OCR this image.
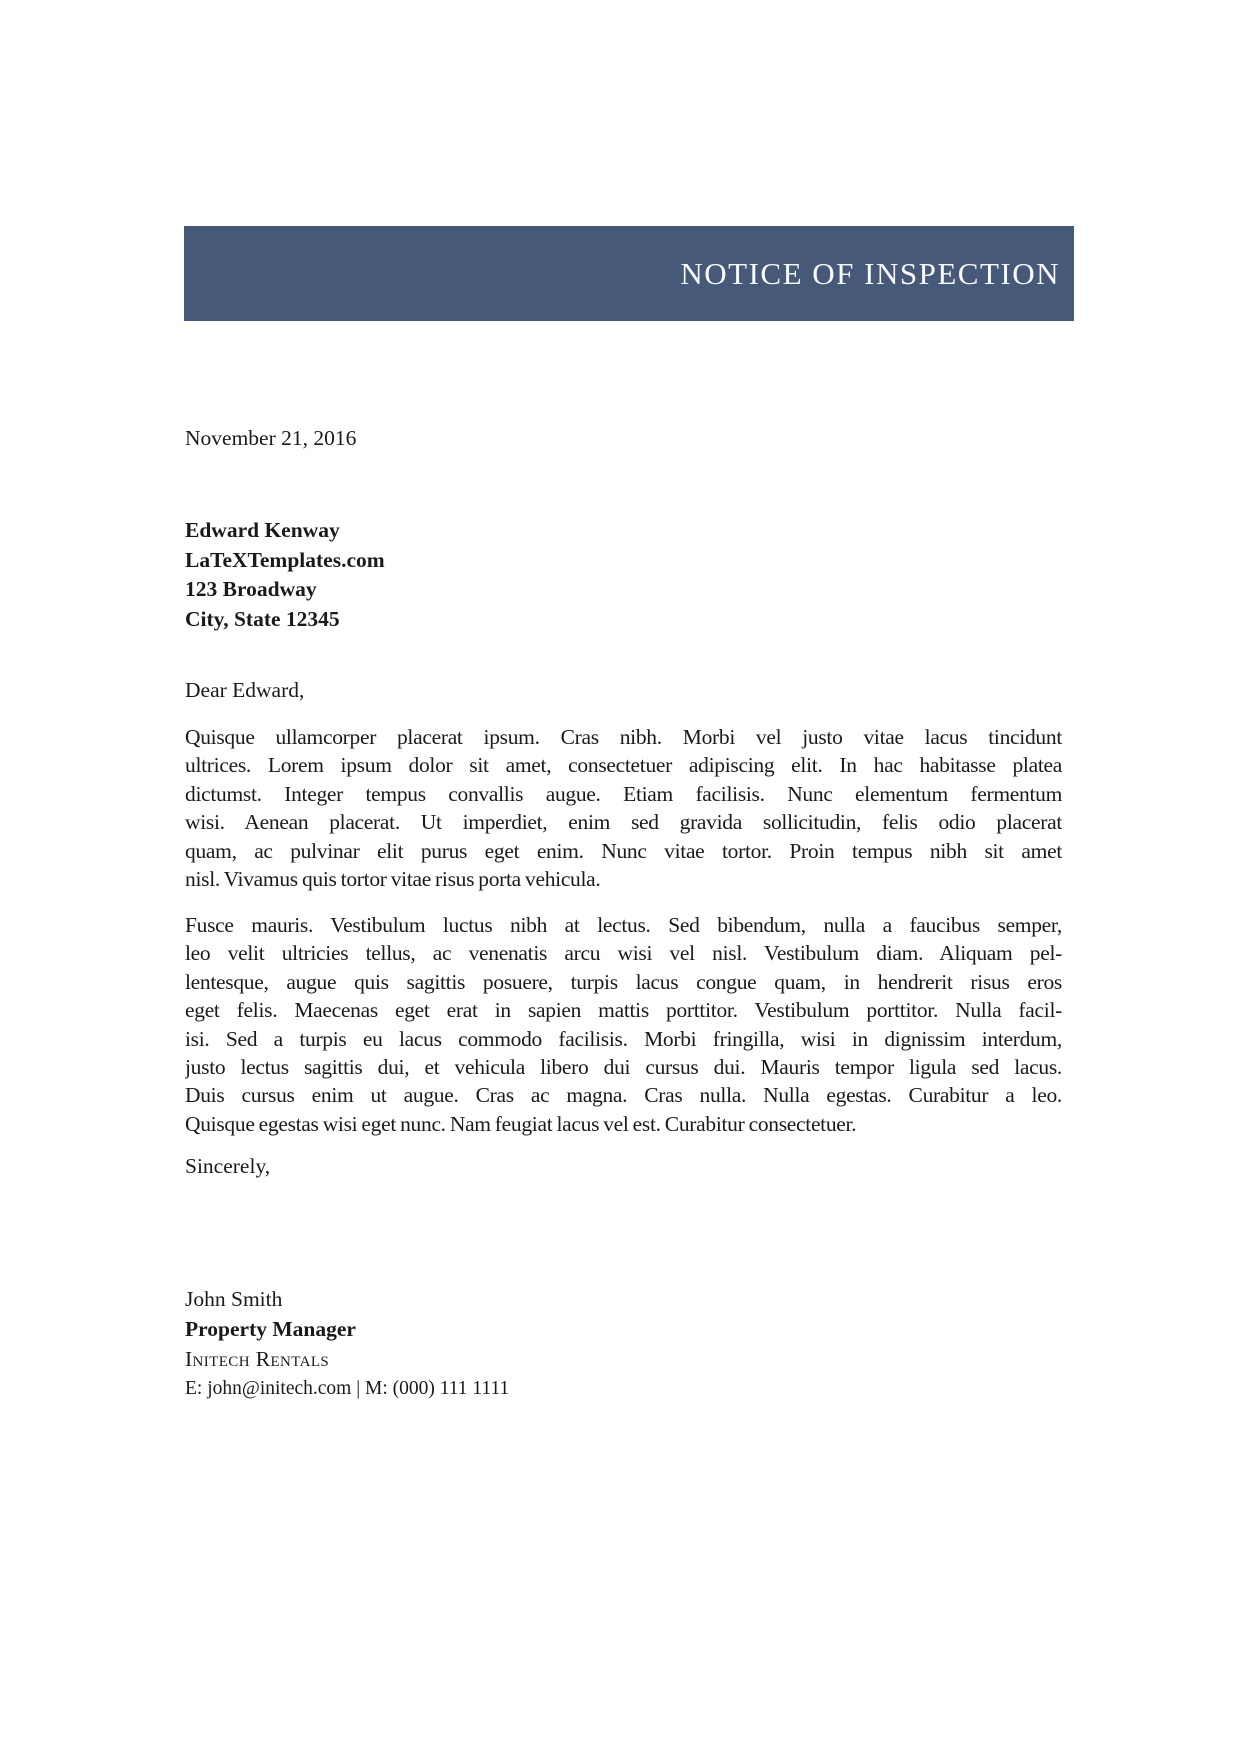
NOTICE OF INSPECTION
November 21, 2016
Edward Kenway
LaTeXTemplates.com
123 Broadway
City, State 12345
Dear Edward,
Quisque ullamcorper placerat ipsum. Cras nibh. Morbi vel justo vitae lacus tincidunt
ultrices. Lorem ipsum dolor sit amet, consectetuer adipiscing elit. In hac habitasse platea
dictumst. Integer tempus convallis augue. Etiam facilisis. Nunc elementum fermentum
wisi. Aenean placerat. Ut imperdiet, enim sed gravida sollicitudin, felis odio placerat
quam, ac pulvinar elit purus eget enim. Nunc vitae tortor. Proin tempus nibh sit amet
nisl. Vivamus quis tortor vitae risus porta vehicula.
Fusce mauris. Vestibulum luctus nibh at lectus. Sed bibendum, nulla a faucibus semper,
leo velit ultricies tellus, ac venenatis arcu wisi vel nisl. Vestibulum diam. Aliquam pel-
lentesque, augue quis sagittis posuere, turpis lacus congue quam, in hendrerit risus eros
eget felis. Maecenas eget erat in sapien mattis porttitor. Vestibulum porttitor. Nulla facil-
isi. Sed a turpis eu lacus commodo facilisis. Morbi fringilla, wisi in dignissim interdum,
justo lectus sagittis dui, et vehicula libero dui cursus dui. Mauris tempor ligula sed lacus.
Duis cursus enim ut augue. Cras ac magna. Cras nulla. Nulla egestas. Curabitur a leo.
Quisque egestas wisi eget nunc. Nam feugiat lacus vel est. Curabitur consectetuer.
Sincerely,
John Smith
Property Manager
Initech Rentals
E: john@initech.com | M: (000) 111 1111
